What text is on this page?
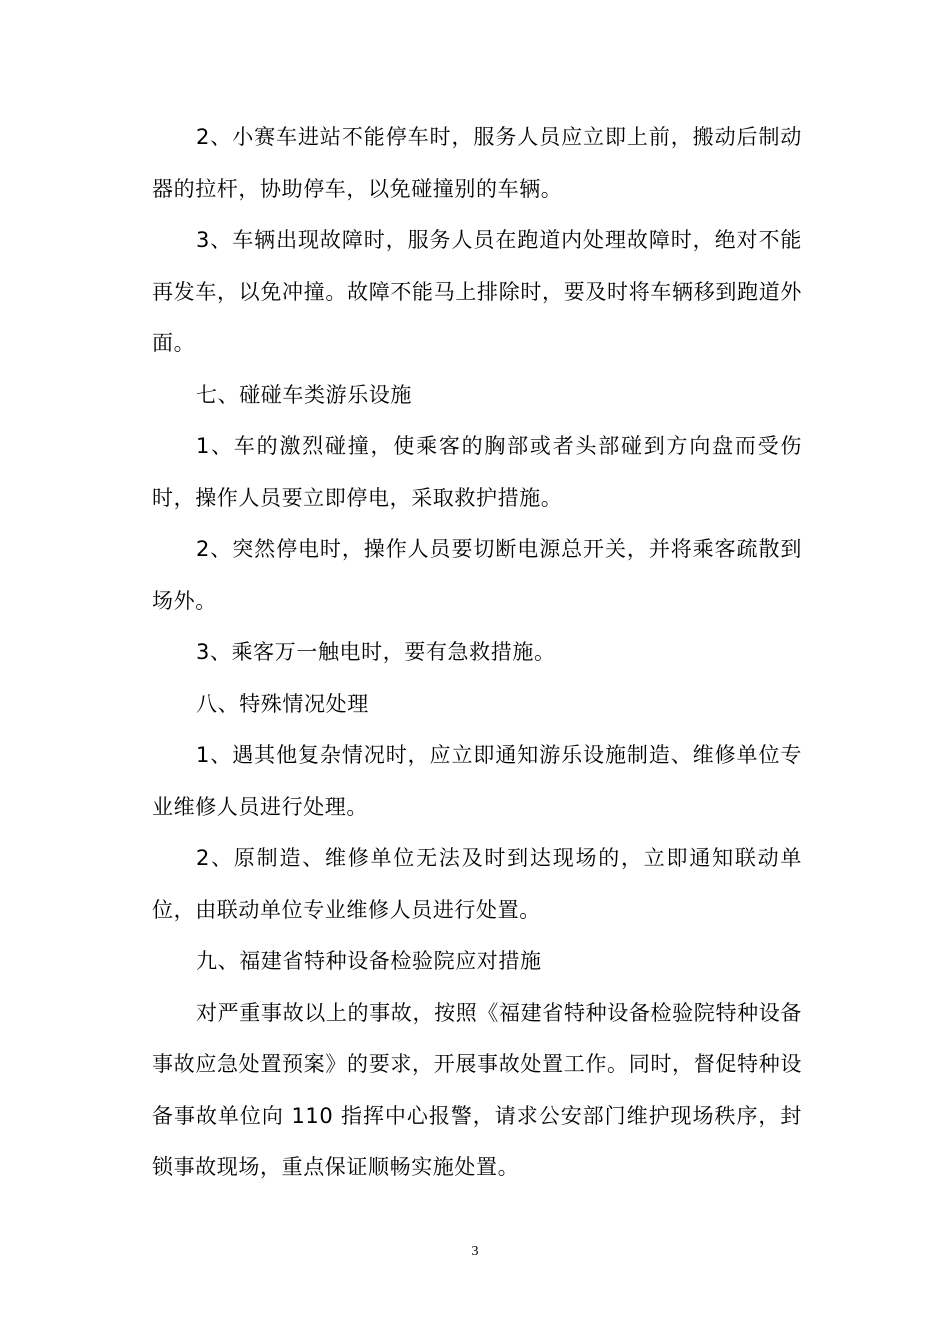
2、小赛车进站不能停车时，服务人员应立即上前，搬动后制动器的拉杆，协助停车，以免碰撞别的车辆。

3、车辆出现故障时，服务人员在跑道内处理故障时，绝对不能再发车，以免冲撞。故障不能马上排除时，要及时将车辆移到跑道外面。

七、碰碰车类游乐设施

1、车的激烈碰撞，使乘客的胸部或者头部碰到方向盘而受伤时，操作人员要立即停电，采取救护措施。

2、突然停电时，操作人员要切断电源总开关，并将乘客疏散到场外。

3、乘客万一触电时，要有急救措施。

八、特殊情况处理

1、遇其他复杂情况时，应立即通知游乐设施制造、维修单位专业维修人员进行处理。

2、原制造、维修单位无法及时到达现场的，立即通知联动单位，由联动单位专业维修人员进行处置。

九、福建省特种设备检验院应对措施

对严重事故以上的事故，按照《福建省特种设备检验院特种设备事故应急处置预案》的要求，开展事故处置工作。同时，督促特种设备事故单位向 110 指挥中心报警，请求公安部门维护现场秩序，封锁事故现场，重点保证顺畅实施处置。

3
